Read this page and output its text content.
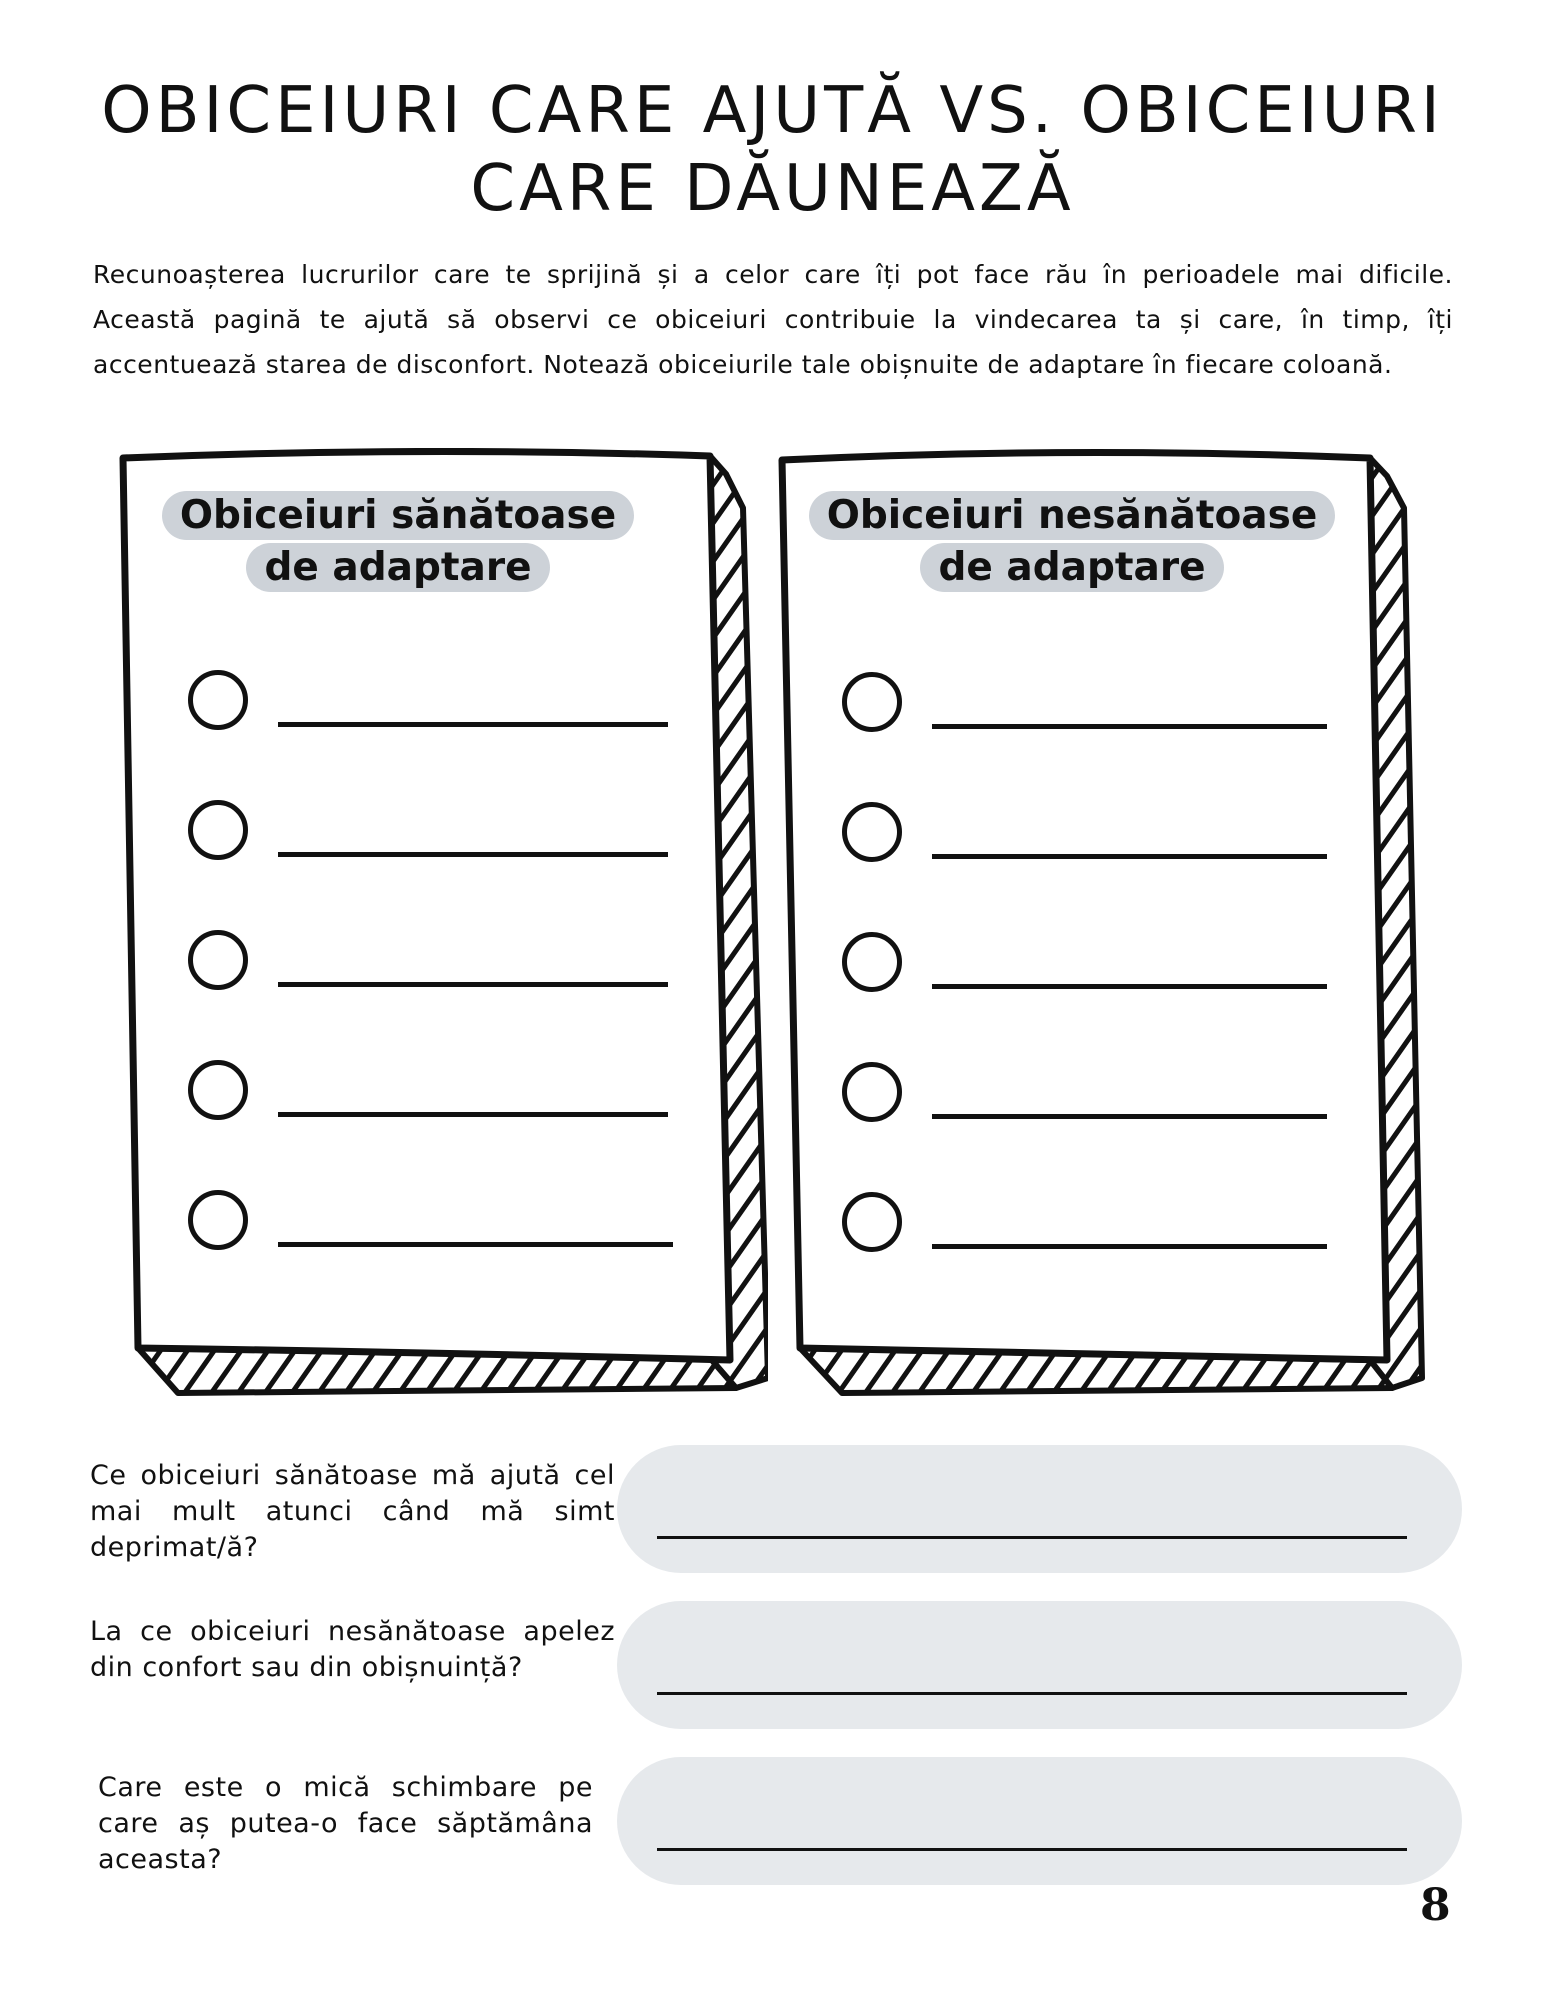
OBICEIURI CARE AJUTĂ VS. OBICEIURI
CARE DĂUNEAZĂ
Recunoașterea lucrurilor care te sprijină și a celor care îți pot face rău în perioadele mai dificile. Această pagină te ajută să observi ce obiceiuri contribuie la vindecarea ta și care, în timp, îți accentuează starea de disconfort. Notează obiceiurile tale obișnuite de adaptare în fiecare coloană.
Obiceiuri sănătoase
de adaptare
Obiceiuri nesănătoase
de adaptare
Ce obiceiuri sănătoase mă ajută cel mai mult atunci când mă simt deprimat/ă?
La ce obiceiuri nesănătoase apelez din confort sau din obișnuință?
Care este o mică schimbare pe care aș putea-o face săptămâna aceasta?
8
